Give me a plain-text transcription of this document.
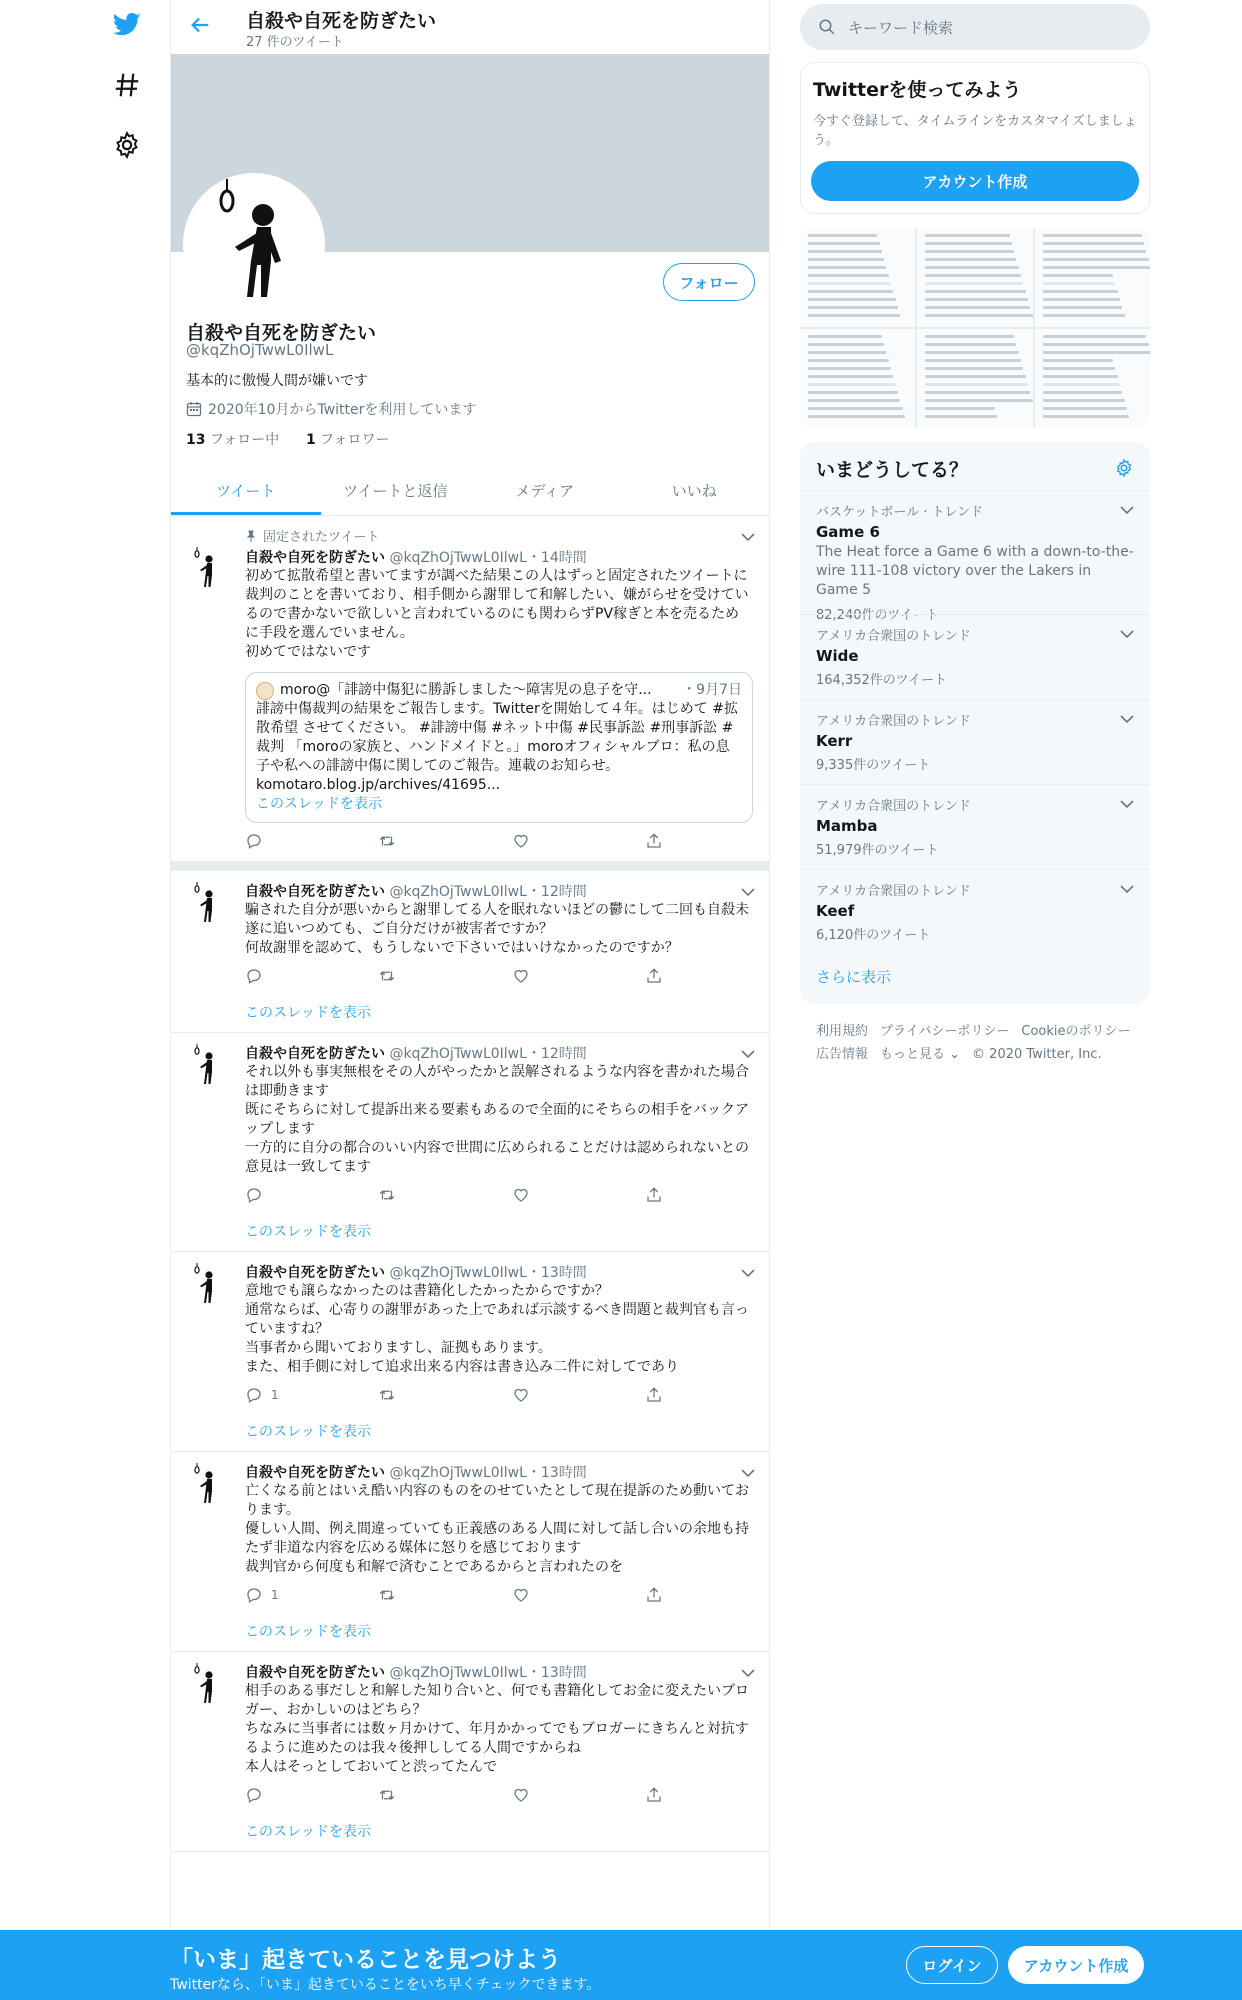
自殺や自死を防ぎたい
27 件のツイート
フォロー
自殺や自死を防ぎたい
@kqZhOjTwwL0IlwL
基本的に傲慢人間が嫌いです
2020年10月からTwitterを利用しています
13 フォロー中 1 フォロワー
ツイート	ツイートと返信	メディア	いいね
固定されたツイート
自殺や自死を防ぎたい @kqZhOjTwwL0IlwL・14時間
初めて拡散希望と書いてますが調べた結果この人はずっと固定されたツイートに裁判のことを書いており、相手側から謝罪して和解したい、嫌がらせを受けているので書かないで欲しいと言われているのにも関わらずPV稼ぎと本を売るために手段を選んでいません。
初めてではないです
moro@「誹謗中傷犯に勝訴しました～障害児の息子を守... ・9月7日
誹謗中傷裁判の結果をご報告します。Twitterを開始して４年。はじめて #拡散希望 させてください。 #誹謗中傷 #ネット中傷 #民事訴訟 #刑事訴訟 #裁判 「moroの家族と、ハンドメイドと。」moroオフィシャルブロ：私の息子や私への誹謗中傷に関してのご報告。連載のお知らせ。 komotaro.blog.jp/archives/41695...
このスレッドを表示
自殺や自死を防ぎたい @kqZhOjTwwL0IlwL・12時間
騙された自分が悪いからと謝罪してる人を眠れないほどの鬱にして二回も自殺未遂に追いつめても、ご自分だけが被害者ですか？
何故謝罪を認めて、もうしないで下さいではいけなかったのですか？
このスレッドを表示
自殺や自死を防ぎたい @kqZhOjTwwL0IlwL・12時間
それ以外も事実無根をその人がやったかと誤解されるような内容を書かれた場合は即動きます
既にそちらに対して提訴出来る要素もあるので全面的にそちらの相手をバックアップします
一方的に自分の都合のいい内容で世間に広められることだけは認められないとの意見は一致してます
このスレッドを表示
自殺や自死を防ぎたい @kqZhOjTwwL0IlwL・13時間
意地でも譲らなかったのは書籍化したかったからですか？
通常ならば、心寄りの謝罪があった上であれば示談するべき問題と裁判官も言っていますね？
当事者から聞いておりますし、証拠もあります。
また、相手側に対して追求出来る内容は書き込み二件に対してであり
1
このスレッドを表示
自殺や自死を防ぎたい @kqZhOjTwwL0IlwL・13時間
亡くなる前とはいえ酷い内容のものをのせていたとして現在提訴のため動いております。
優しい人間、例え間違っていても正義感のある人間に対して話し合いの余地も持たず非道な内容を広める媒体に怒りを感じております
裁判官から何度も和解で済むことであるからと言われたのを
1
このスレッドを表示
自殺や自死を防ぎたい @kqZhOjTwwL0IlwL・13時間
相手のある事だしと和解した知り合いと、何でも書籍化してお金に変えたいブロガー、おかしいのはどちら？
ちなみに当事者には数ヶ月かけて、年月かかってでもブロガーにきちんと対抗するように進めたのは我々後押ししてる人間ですからね
本人はそっとしておいてと渋ってたんで
このスレッドを表示
キーワード検索
Twitterを使ってみよう

今すぐ登録して、タイムラインをカスタマイズしましょう。

アカウント作成
いまどうしてる？
バスケットボール · トレンド
Game 6
The Heat force a Game 6 with a down-to-the-wire 111-108 victory over the Lakers in Game 5
82,240件のツイート
アメリカ合衆国のトレンド
Wide
164,352件のツイート
アメリカ合衆国のトレンド
Kerr
9,335件のツイート
アメリカ合衆国のトレンド
Mamba
51,979件のツイート
アメリカ合衆国のトレンド
Keef
6,120件のツイート
さらに表示
利用規約 プライバシーポリシー Cookieのポリシー
広告情報 もっと見る ⌄ © 2020 Twitter, Inc.
「いま」起きていることを見つけよう
Twitterなら、「いま」起きていることをいち早くチェックできます。
ログイン	アカウント作成
